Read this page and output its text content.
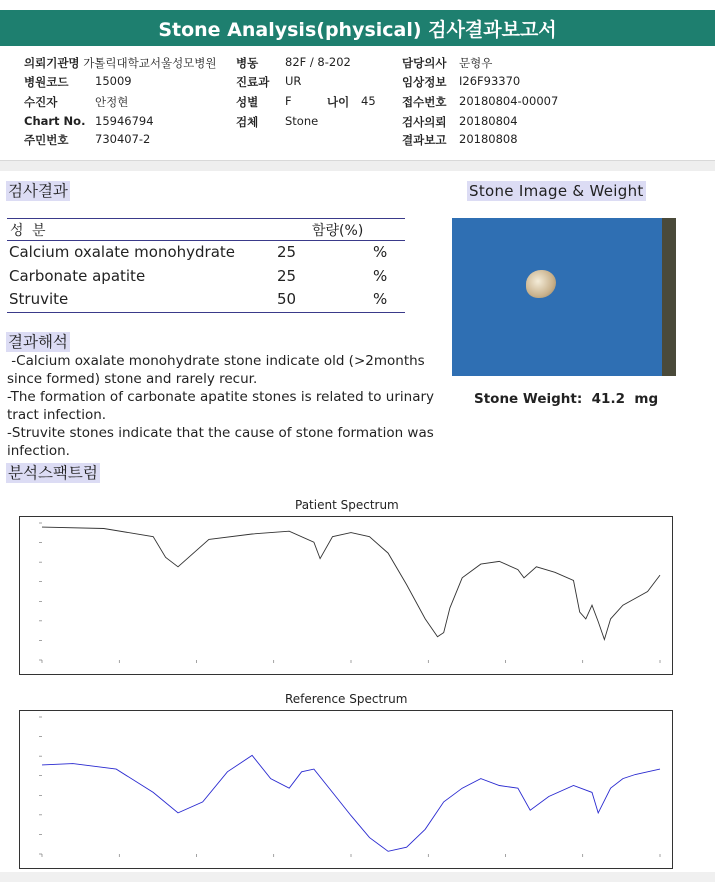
Stone Analysis(physical) 검사결과보고서
의뢰기관명 가톨릭대학교서울성모병원
병원코드 15009
수진자	안정현
Chart No. 15946794
주민번호 730407-2
병동 82F / 8-202
진료과 UR
성별 F	나이 45
검체 Stone
담당의사 문형우
임상정보 I26F93370
접수번호 20180804-00007
검사의뢰 20180804
결과보고 20180808
검사결과
성 분	함량(%)
Calcium oxalate monohydrate	25	%
Carbonate apatite	25	%
Struvite	50	%
결과해석
-Calcium oxalate monohydrate stone indicate old (>2months since formed) stone and rarely recur.
-The formation of carbonate apatite stones is related to urinary tract infection.
-Struvite stones indicate that the cause of stone formation was infection.
Stone Image & Weight
Stone Weight: 41.2 mg
분석스팩트럼
Patient Spectrum
Reference Spectrum
